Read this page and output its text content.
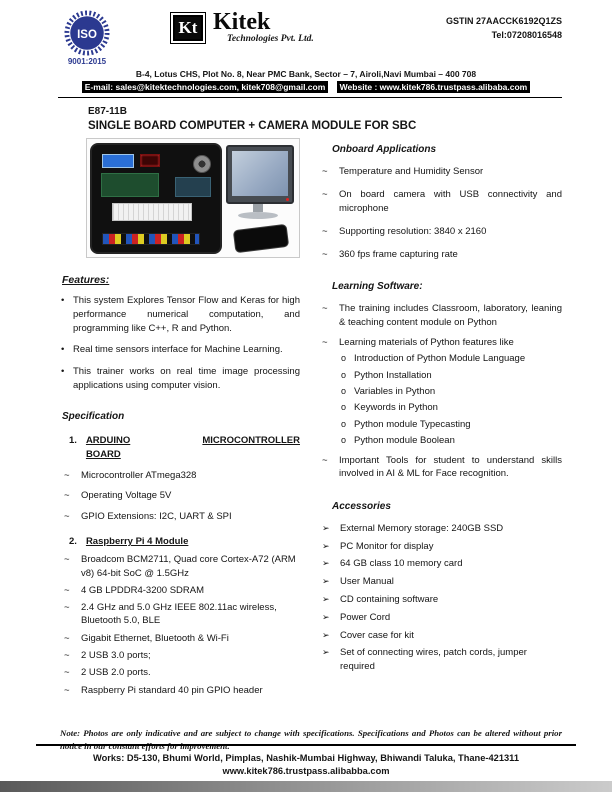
ISO
9001:2015
Kt Kitek
Technologies Pvt. Ltd.
GSTIN 27AACCK6192Q1ZS
Tel:07208016548
B-4, Lotus CHS, Plot No. 8, Near PMC Bank, Sector – 7, Airoli,Navi Mumbai – 400 708
E-mail: sales@kitektechnologies.com, kitek708@gmail.com Website : www.kitek786.trustpass.alibaba.com
E87-11B
SINGLE BOARD COMPUTER + CAMERA MODULE FOR SBC
Features:
• This system Explores Tensor Flow and Keras for high performance numerical computation, and programming like C++, R and Python.
• Real time sensors interface for Machine Learning.
• This trainer works on real time image processing applications using computer vision.
Specification
1. ARDUINO	MICROCONTROLLER
BOARD
~ Microcontroller ATmega328
~ Operating Voltage 5V
~ GPIO Extensions: I2C, UART & SPI
2. Raspberry Pi 4 Module
~ Broadcom BCM2711, Quad core Cortex-A72 (ARM v8) 64-bit SoC @ 1.5GHz
~ 4 GB LPDDR4-3200 SDRAM
~ 2.4 GHz and 5.0 GHz IEEE 802.11ac wireless, Bluetooth 5.0, BLE
~ Gigabit Ethernet, Bluetooth & Wi-Fi
~ 2 USB 3.0 ports;
~ 2 USB 2.0 ports.
~ Raspberry Pi standard 40 pin GPIO header
Onboard Applications
~ Temperature and Humidity Sensor
~ On board camera with USB connectivity and microphone
~ Supporting resolution: 3840 x 2160
~ 360 fps frame capturing rate
Learning Software:
~ The training includes Classroom, laboratory, leaning & teaching content module on Python
~ Learning materials of Python features like
o Introduction of Python Module Language
o Python Installation
o Variables in Python
o Keywords in Python
o Python module Typecasting
o Python module Boolean
~ Important Tools for student to understand skills involved in AI & ML for Face recognition.
Accessories
➢ External Memory storage: 240GB SSD
➢ PC Monitor for display
➢ 64 GB class 10 memory card
➢ User Manual
➢ CD containing software
➢ Power Cord
➢ Cover case for kit
➢ Set of connecting wires, patch cords, jumper required
Note: Photos are only indicative and are subject to change with specifications. Specifications and Photos can be altered without prior notice in our constant efforts for improvement.
Works: D5-130, Bhumi World, Pimplas, Nashik-Mumbai Highway, Bhiwandi Taluka, Thane-421311
www.kitek786.trustpass.alibabba.com
